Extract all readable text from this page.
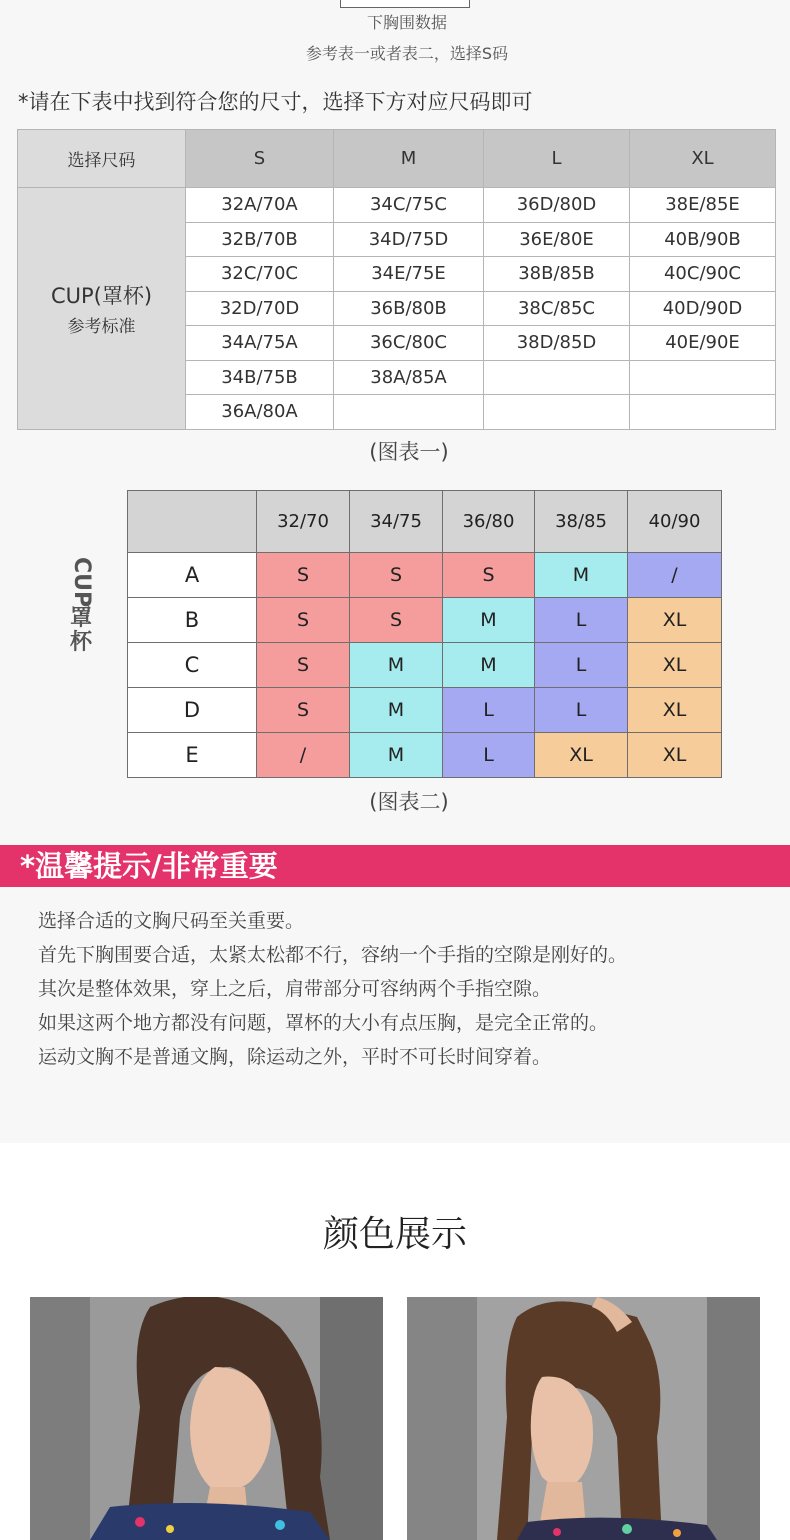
下胸围数据
参考表一或者表二，选择S码
*请在下表中找到符合您的尺寸，选择下方对应尺码即可
选择尺码	S	M	L	XL

CUP(罩杯)
参考标准	32A/70A	34C/75C	36D/80D	38E/85E
	32B/70B	34D/75D	36E/80E	40B/90B
	32C/70C	34E/75E	38B/85B	40C/90C
	32D/70D	36B/80B	38C/85C	40D/90D
	34A/75A	36C/80C	38D/85D	40E/90E
	34B/75B	38A/85A		
	36A/80A			
(图表一)
CUP
罩杯
	32/70	34/75	36/80	38/85	40/90
A	S	S	S	M	/
B	S	S	M	L	XL
C	S	M	M	L	XL
D	S	M	L	L	XL
E	/	M	L	XL	XL
(图表二)
*温馨提示/非常重要
选择合适的文胸尺码至关重要。
首先下胸围要合适，太紧太松都不行，容纳一个手指的空隙是刚好的。
其次是整体效果，穿上之后，肩带部分可容纳两个手指空隙。
如果这两个地方都没有问题，罩杯的大小有点压胸，是完全正常的。
运动文胸不是普通文胸，除运动之外，平时不可长时间穿着。
颜色展示
